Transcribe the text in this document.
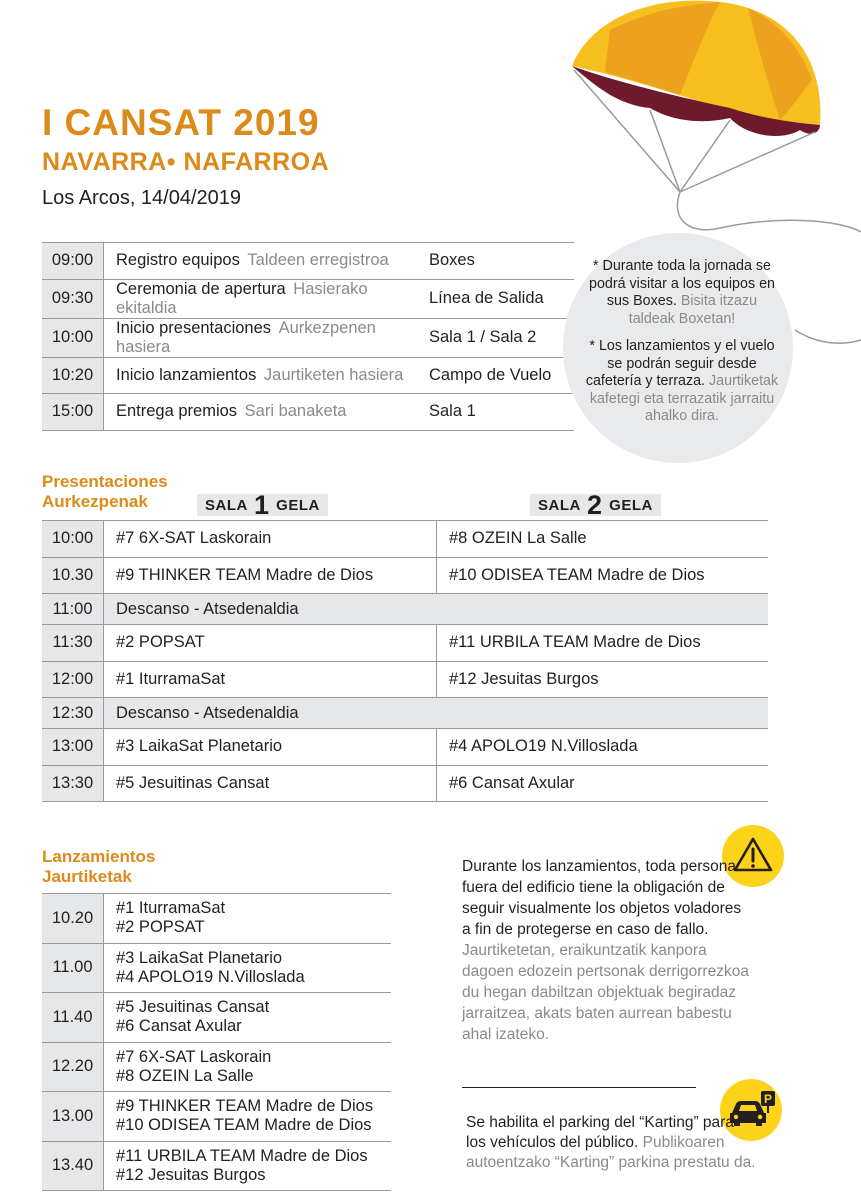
I CANSAT 2019
NAVARRA• NAFARROA
Los Arcos, 14/04/2019
09:00	Registro equipos Taldeen erregistroa	Boxes
09:30	Ceremonia de apertura Hasierako ekitaldia	Línea de Salida
10:00	Inicio presentaciones Aurkezpenen hasiera	Sala 1 / Sala 2
10:20	Inicio lanzamientos Jaurtiketen hasiera	Campo de Vuelo
15:00	Entrega premios Sari banaketa	Sala 1

* Durante toda la jornada se podrá visitar a los equipos en sus Boxes. Bisita itzazu taldeak Boxetan!

* Los lanzamientos y el vuelo se podrán seguir desde cafetería y terraza. Jaurtiketak kafetegi eta terrazatik jarraitu ahalko dira.

Presentaciones
Aurkezpenak	SALA 1 GELA	SALA 2 GELA
10:00	#7 6X-SAT Laskorain	#8 OZEIN La Salle
10.30	#9 THINKER TEAM Madre de Dios	#10 ODISEA TEAM Madre de Dios
11:00	Descanso - Atsedenaldia	
11:30	#2 POPSAT	#11 URBILA TEAM Madre de Dios
12:00	#1 IturramaSat	#12 Jesuitas Burgos
12:30	Descanso - Atsedenaldia	
13:00	#3 LaikaSat Planetario	#4 APOLO19 N.Villoslada
13:30	#5 Jesuitinas Cansat	#6 Cansat Axular
Lanzamientos
Jaurtiketak
10.20	#1 IturramaSat
#2 POPSAT

11.00	#3 LaikaSat Planetario
#4 APOLO19 N.Villoslada

11.40	#5 Jesuitinas Cansat
#6 Cansat Axular

12.20	#7 6X-SAT Laskorain
#8 OZEIN La Salle

13.00	#9 THINKER TEAM Madre de Dios
#10 ODISEA TEAM Madre de Dios

13.40	#11 URBILA TEAM Madre de Dios
#12 Jesuitas Burgos
Durante los lanzamientos, toda persona fuera del edificio tiene la obligación de seguir visualmente los objetos voladores a fin de protegerse en caso de fallo. Jaurtiketetan, eraikuntzatik kanpora dagoen edozein pertsonak derrigorrezkoa du hegan dabiltzan objektuak begiradaz jarraitzea, akats baten aurrean babestu ahal izateko.
P
Se habilita el parking del “Karting” para los vehículos del público. Publikoaren autoentzako “Karting” parkina prestatu da.
